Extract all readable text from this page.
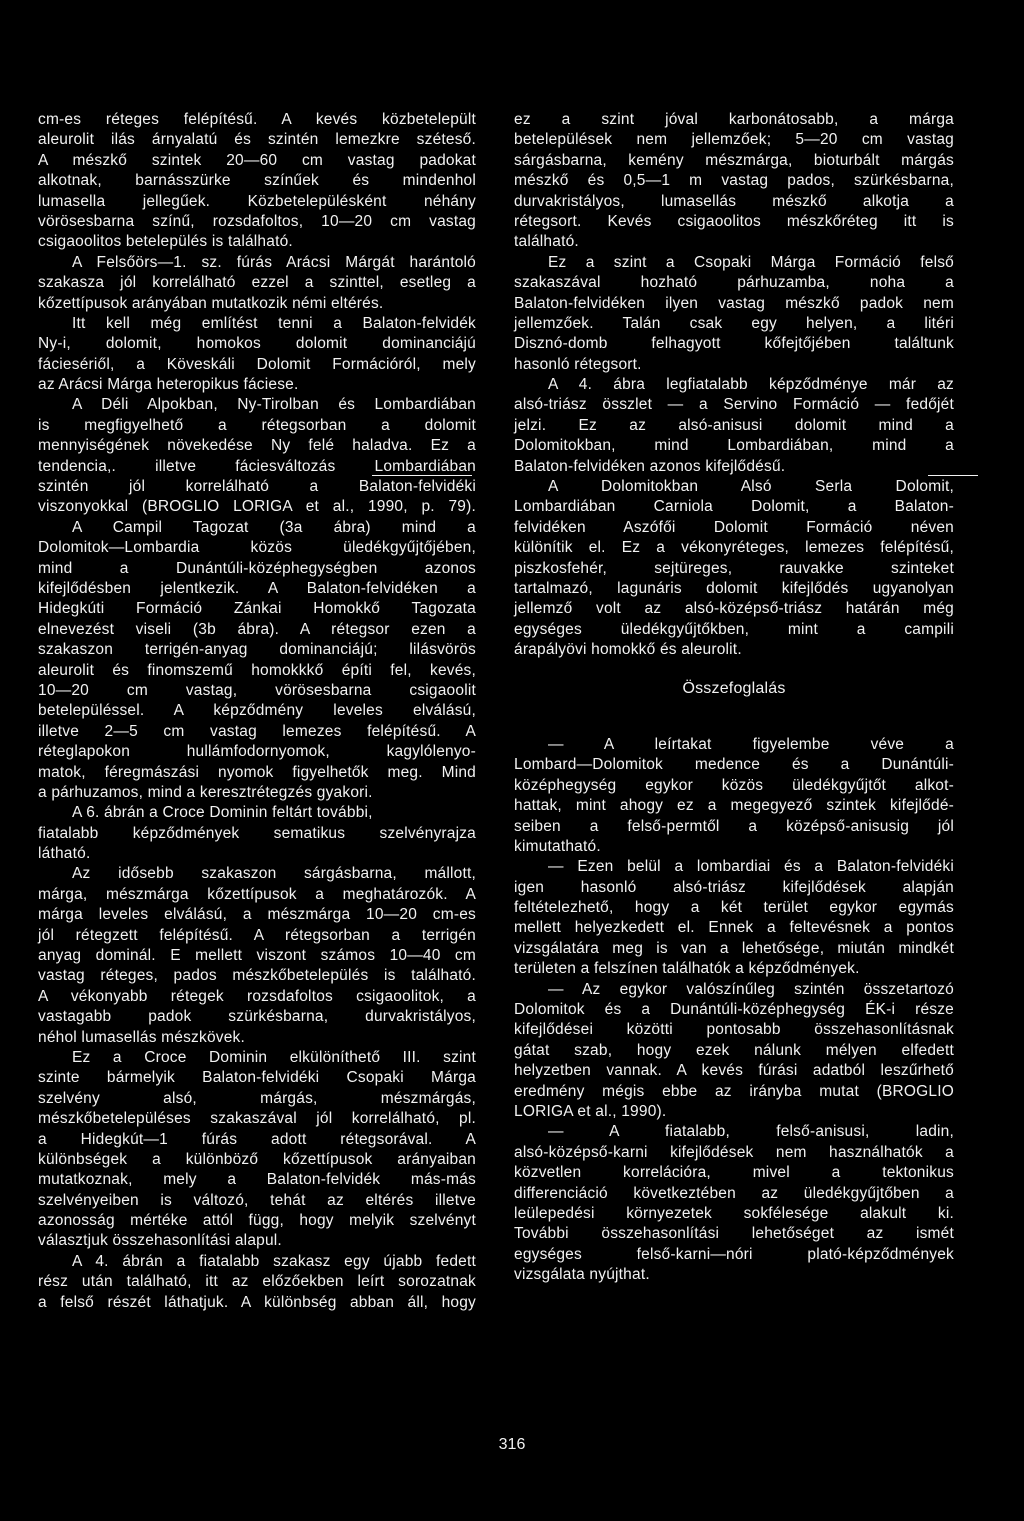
cm-es réteges felépítésű. A kevés közbetelepült
aleurolit ilás árnyalatú és szintén lemezkre széteső.
A mészkő szintek 20—60 cm vastag padokat
alkotnak, barnásszürke színűek és mindenhol
lumasella jellegűek. Közbetelepülésként néhány
vörösesbarna színű, rozsdafoltos, 10—20 cm vastag
csigaoolitos betelepülés is található.
A Felsőörs—1. sz. fúrás Arácsi Márgát harántoló
szakasza jól korrelálható ezzel a szinttel, esetleg a
kőzettípusok arányában mutatkozik némi eltérés.
Itt kell még említést tenni a Balaton-felvidék
Ny-i, dolomit, homokos dolomit dominanciájú
fáciesériől, a Köveskáli Dolomit Formációról, mely
az Arácsi Márga heteropikus fáciese.
A Déli Alpokban, Ny-Tirolban és Lombardiában
is megfigyelhető a rétegsorban a dolomit
mennyiségének növekedése Ny felé haladva. Ez a
tendencia,. illetve fáciesváltozás Lombardiában
szintén jól korrelálható a Balaton-felvidéki
viszonyokkal (BROGLIO LORIGA et al., 1990, p. 79).
A Campil Tagozat (3a ábra) mind a
Dolomitok—Lombardia közös üledékgyűjtőjében,
mind a Dunántúli-középhegységben azonos
kifejlődésben jelentkezik. A Balaton-felvidéken a
Hidegkúti Formáció Zánkai Homokkő Tagozata
elnevezést viseli (3b ábra). A rétegsor ezen a
szakaszon terrigén-anyag dominanciájú; lilásvörös
aleurolit és finomszemű homokkkő építi fel, kevés,
10—20 cm vastag, vörösesbarna csigaoolit
betelepüléssel. A képződmény leveles elválású,
illetve 2—5 cm vastag lemezes felépítésű. A
réteglapokon hullámfodornyomok, kagylólenyo-
matok, féregmászási nyomok figyelhetők meg. Mind
a párhuzamos, mind a keresztrétegzés gyakori.
A 6. ábrán a Croce Dominin feltárt további,
fiatalabb képződmények sematikus szelvényrajza
látható.
Az idősebb szakaszon sárgásbarna, mállott,
márga, mészmárga kőzettípusok a meghatározók. A
márga leveles elválású, a mészmárga 10—20 cm-es
jól rétegzett felépítésű. A rétegsorban a terrigén
anyag dominál. E mellett viszont számos 10—40 cm
vastag réteges, pados mészkőbetelepülés is található.
A vékonyabb rétegek rozsdafoltos csigaoolitok, a
vastagabb padok szürkésbarna, durvakristályos,
néhol lumasellás mészkövek.
Ez a Croce Dominin elkülöníthető III. szint
szinte bármelyik Balaton-felvidéki Csopaki Márga
szelvény alsó, márgás, mészmárgás,
mészkőbetelepüléses szakaszával jól korrelálható, pl.
a Hidegkút—1 fúrás adott rétegsorával. A
különbségek a különböző kőzettípusok arányaiban
mutatkoznak, mely a Balaton-felvidék más-más
szelvényeiben is változó, tehát az eltérés illetve
azonosság mértéke attól függ, hogy melyik szelvényt
választjuk összehasonlítási alapul.
A 4. ábrán a fiatalabb szakasz egy újabb fedett
rész után található, itt az előzőekben leírt sorozatnak
a felső részét láthatjuk. A különbség abban áll, hogy
ez a szint jóval karbonátosabb, a márga
betelepülések nem jellemzőek; 5—20 cm vastag
sárgásbarna, kemény mészmárga, bioturbált márgás
mészkő és 0,5—1 m vastag pados, szürkésbarna,
durvakristályos, lumasellás mészkő alkotja a
rétegsort. Kevés csigaoolitos mészkőréteg itt is
található.
Ez a szint a Csopaki Márga Formáció felső
szakaszával hozható párhuzamba, noha a
Balaton-felvidéken ilyen vastag mészkő padok nem
jellemzőek. Talán csak egy helyen, a litéri
Disznó-domb felhagyott kőfejtőjében találtunk
hasonló rétegsort.
A 4. ábra legfiatalabb képződménye már az
alsó-triász összlet — a Servino Formáció — fedőjét
jelzi. Ez az alsó-anisusi dolomit mind a
Dolomitokban, mind Lombardiában, mind a
Balaton-felvidéken azonos kifejlődésű.
A Dolomitokban Alsó Serla Dolomit,
Lombardiában Carniola Dolomit, a Balaton-
felvidéken Aszófői Dolomit Formáció néven
különítik el. Ez a vékonyréteges, lemezes felépítésű,
piszkosfehér, sejtüreges, rauvakke szinteket
tartalmazó, lagunáris dolomit kifejlődés ugyanolyan
jellemző volt az alsó-középső-triász határán még
egységes üledékgyűjtőkben, mint a campili
árapályövi homokkő és aleurolit.
Összefoglalás
— A leírtakat figyelembe véve a
Lombard—Dolomitok medence és a Dunántúli-
középhegység egykor közös üledékgyűjtőt alkot-
hattak, mint ahogy ez a megegyező szintek kifejlődé-
seiben a felső-permtől a középső-anisusig jól
kimutatható.
— Ezen belül a lombardiai és a Balaton-felvidéki
igen hasonló alsó-triász kifejlődések alapján
feltételezhető, hogy a két terület egykor egymás
mellett helyezkedett el. Ennek a feltevésnek a pontos
vizsgálatára meg is van a lehetősége, miután mindkét
területen a felszínen találhatók a képződmények.
— Az egykor valószínűleg szintén összetartozó
Dolomitok és a Dunántúli-középhegység ÉK-i része
kifejlődései közötti pontosabb összehasonlításnak
gátat szab, hogy ezek nálunk mélyen elfedett
helyzetben vannak. A kevés fúrási adatból leszűrhető
eredmény mégis ebbe az irányba mutat (BROGLIO
LORIGA et al., 1990).
— A fiatalabb, felső-anisusi, ladin,
alsó-középső-karni kifejlődések nem használhatók a
közvetlen korrelációra, mivel a tektonikus
differenciáció következtében az üledékgyűjtőben a
leülepedési környezetek sokfélesége alakult ki.
További összehasonlítási lehetőséget az ismét
egységes felső-karni—nóri plató-képződmények
vizsgálata nyújthat.
316
